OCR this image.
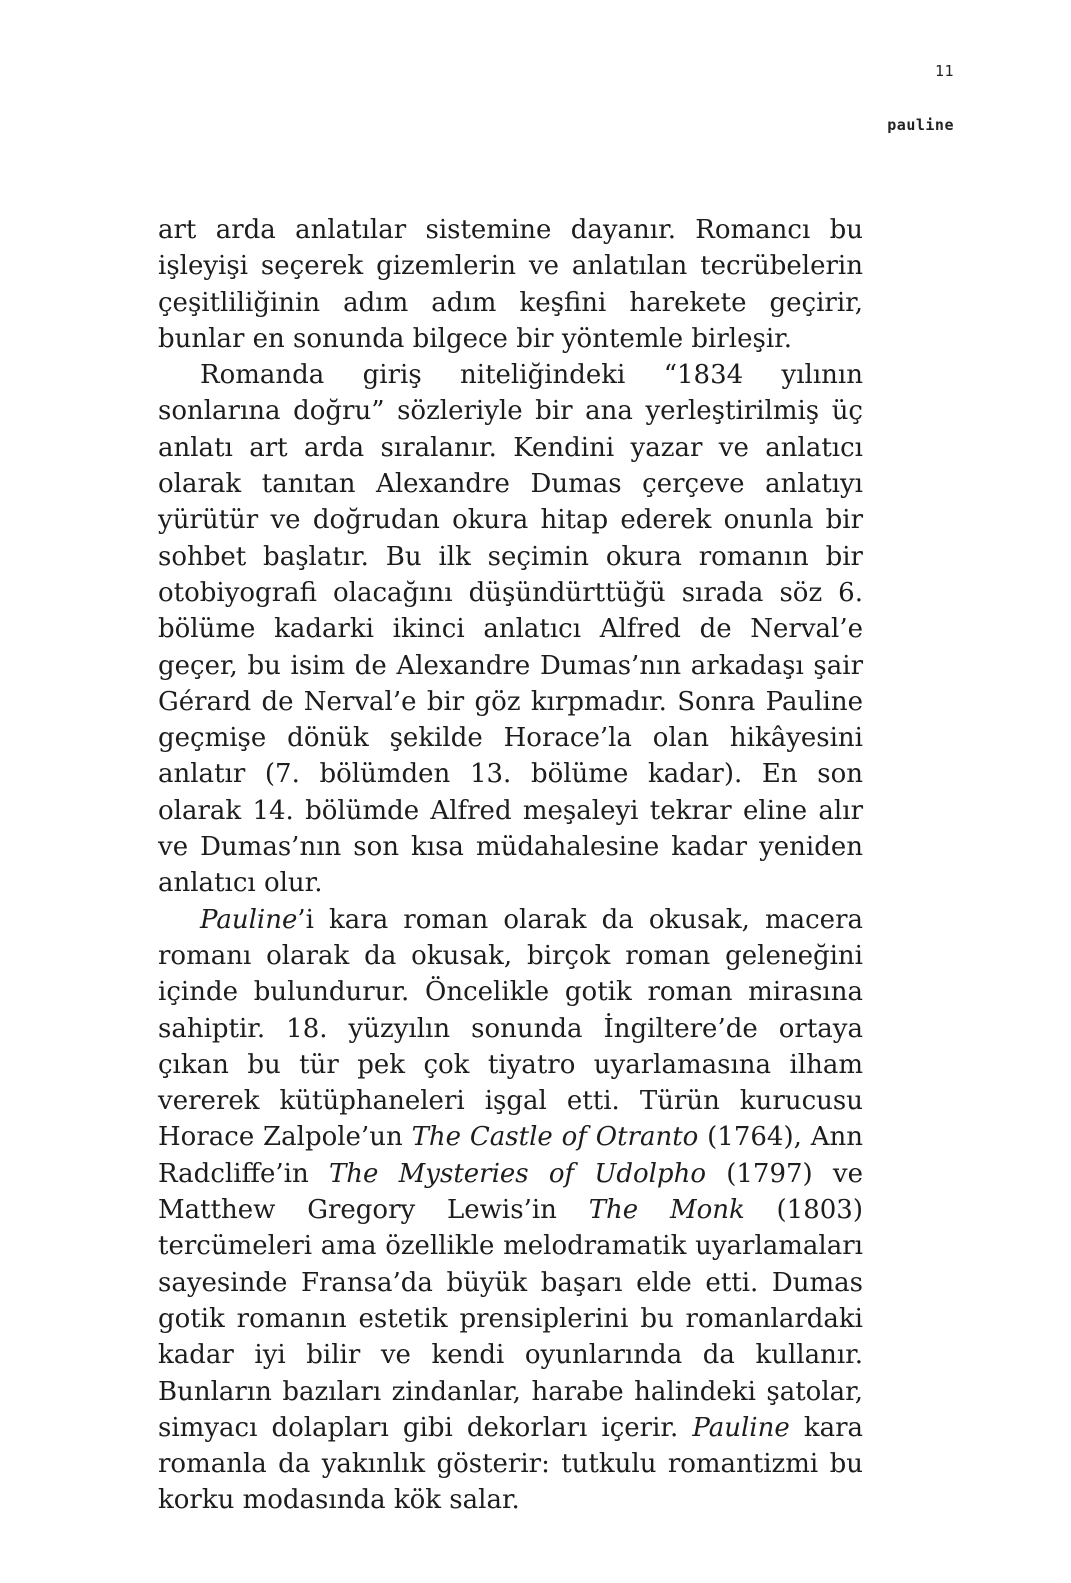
11
pauline

art arda anlatılar sistemine dayanır. Romancı bu işleyişi seçerek gizemlerin ve anlatılan tecrübelerin çeşitliliğinin adım adım keşfini harekete geçirir, bunlar en sonunda bilgece bir yöntemle birleşir.

Romanda giriş niteliğindeki “1834 yılının sonlarına doğru” sözleriyle bir ana yerleştirilmiş üç anlatı art arda sıralanır. Kendini yazar ve anlatıcı olarak tanıtan Alexandre Dumas çerçeve anlatıyı yürütür ve doğrudan okura hitap ederek onunla bir sohbet başlatır. Bu ilk seçimin okura romanın bir otobiyografi olacağını düşündürttüğü sırada söz 6. bölüme kadarki ikinci anlatıcı Alfred de Nerval’e geçer, bu isim de Alexandre Dumas’nın arkadaşı şair Gérard de Nerval’e bir göz kırpmadır. Sonra Pauline geçmişe dönük şekilde Horace’la olan hikâyesini anlatır (7. bölümden 13. bölüme kadar). En son olarak 14. bölümde Alfred meşaleyi tekrar eline alır ve Dumas’nın son kısa müdahalesine kadar yeniden anlatıcı olur.

Pauline’i kara roman olarak da okusak, macera romanı olarak da okusak, birçok roman geleneğini içinde bulundurur. Öncelikle gotik roman mirasına sahiptir. 18. yüzyılın sonunda İngiltere’de ortaya çıkan bu tür pek çok tiyatro uyarlamasına ilham vererek kütüphaneleri işgal etti. Türün kurucusu Horace Zalpole’un The Castle of Otranto (1764), Ann Radcliffe’in The Mysteries of Udolpho (1797) ve Matthew Gregory Lewis’in The Monk (1803) tercümeleri ama özellikle melodramatik uyarlamaları sayesinde Fransa’da büyük başarı elde etti. Dumas gotik romanın estetik prensiplerini bu romanlardaki kadar iyi bilir ve kendi oyunlarında da kullanır. Bunların bazıları zindanlar, harabe halindeki şatolar, simyacı dolapları gibi dekorları içerir. Pauline kara romanla da yakınlık gösterir: tutkulu romantizmi bu korku modasında kök salar.
